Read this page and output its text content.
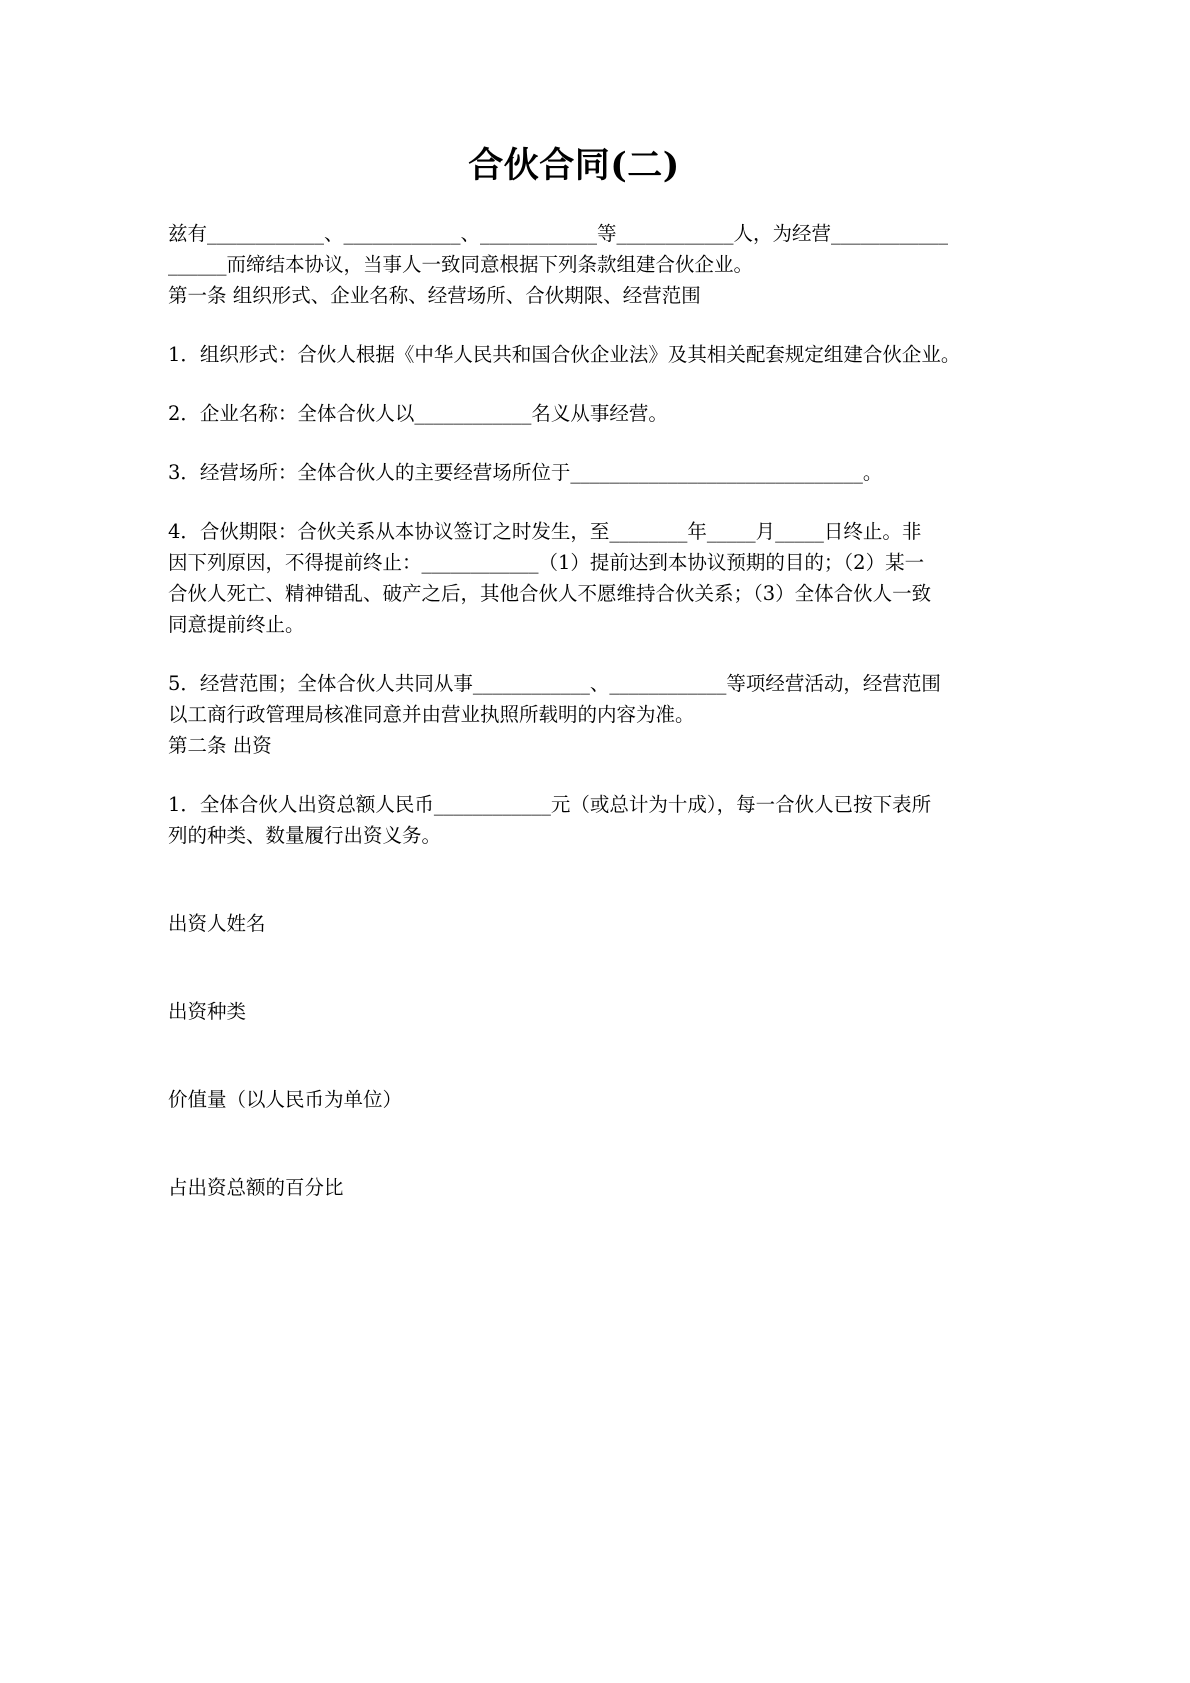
合伙合同(二)

兹有____________、____________、____________等____________人，为经营____________

______而缔结本协议，当事人一致同意根据下列条款组建合伙企业。

第一条 组织形式、企业名称、经营场所、合伙期限、经营范围

1．组织形式：合伙人根据《中华人民共和国合伙企业法》及其相关配套规定组建合伙企业。

2．企业名称：全体合伙人以____________名义从事经营。

3．经营场所：全体合伙人的主要经营场所位于______________________________。

4．合伙期限：合伙关系从本协议签订之时发生，至________年_____月_____日终止。非

因下列原因，不得提前终止：____________（1）提前达到本协议预期的目的；（2）某一

合伙人死亡、精神错乱、破产之后，其他合伙人不愿维持合伙关系；（3）全体合伙人一致

同意提前终止。

5．经营范围；全体合伙人共同从事____________、____________等项经营活动，经营范围

以工商行政管理局核准同意并由营业执照所载明的内容为准。

第二条 出资

1．全体合伙人出资总额人民币____________元（或总计为十成），每一合伙人已按下表所

列的种类、数量履行出资义务。

出资人姓名

出资种类

价值量（以人民币为单位）

占出资总额的百分比
